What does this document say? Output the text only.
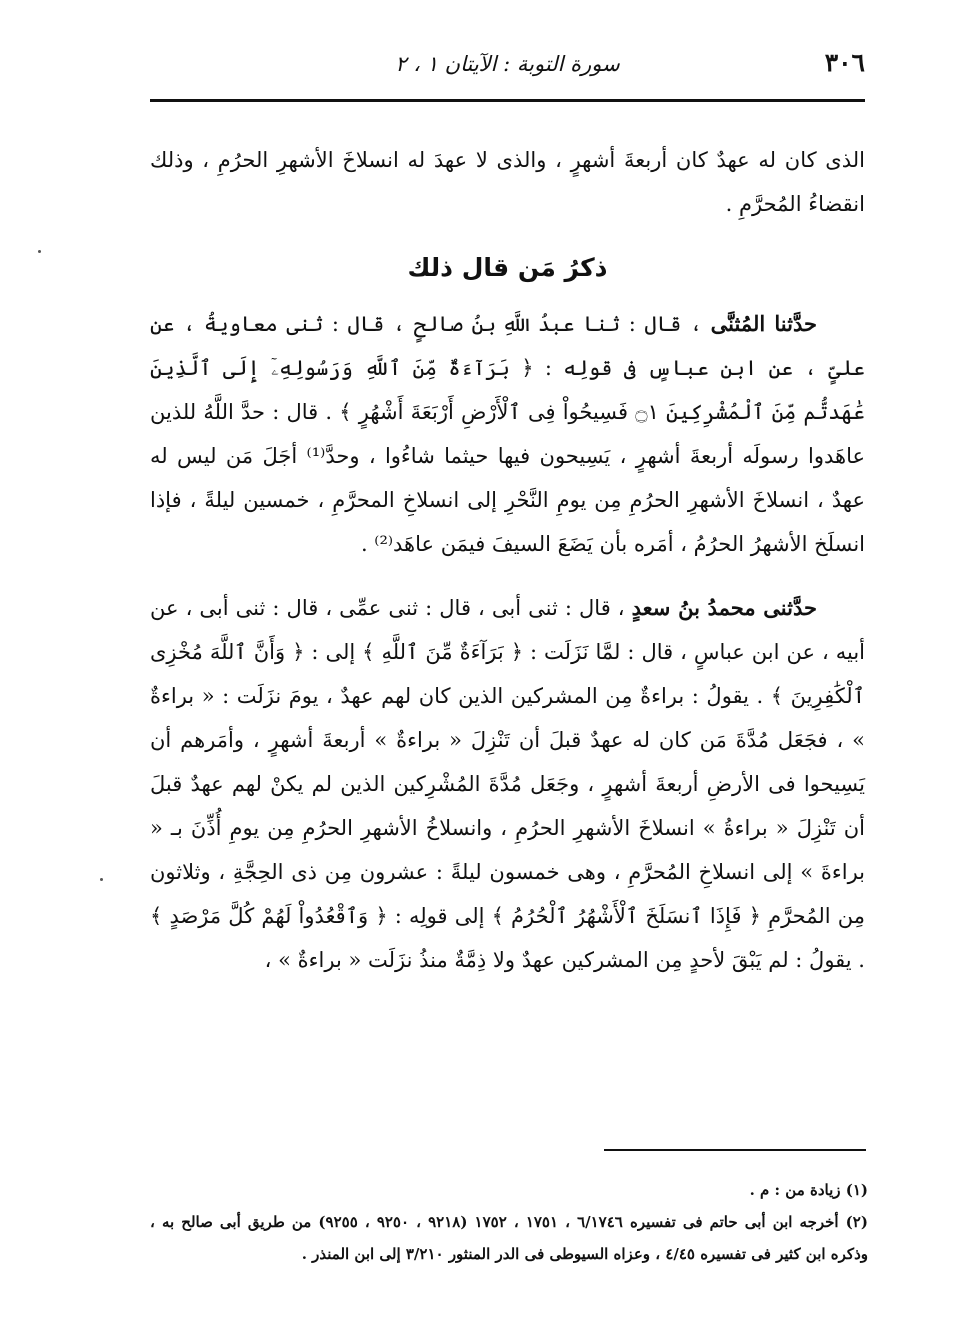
٣٠٦
سورة التوبة : الآيتان ١ ، ٢

الذى كان له عهدٌ كان أربعةَ أشهرٍ ، والذى لا عهدَ له انسلاخَ الأشهرِ الحرُمِ ، وذلك انقضاءُ المُحرَّمِ .

ذكرُ مَن قال ذلك

حدَّثنا المُثنَّى ، قال : ثنا عبدُ اللَّهِ بنُ صالحٍ ، قال : ثنى معاويةُ ، عن علىٍّ ، عن ابن عباسٍ فى قولِه : ﴿ بَرَآءَةٌ مِّنَ ٱللَّهِ وَرَسُولِهِۦٓ إِلَى ٱلَّذِينَ عَٰهَدتُّم مِّنَ ٱلْمُشْرِكِينَ ۝١ فَسِيحُواْ فِى ٱلْأَرْضِ أَرْبَعَةَ أَشْهُرٍ ﴾ . قال : حدَّ اللَّهُ للذين عاهَدوا رسولَه أربعةَ أشهرٍ ، يَسِيحون فيها حيثما شاءُوا ، وحدَّ⁽¹⁾ أجَلَ مَن ليس له عهدٌ ، انسلاخَ الأشهرِ الحرُمِ مِن يومِ النَّحْرِ إلى انسلاخِ المحرَّمِ ، خمسين ليلةً ، فإذا انسلَخ الأشهرُ الحرُمُ ، أمَره بأن يَضَعَ السيفَ فيمَن عاهَد⁽²⁾ .

حدَّثنى محمدُ بنُ سعدٍ ، قال : ثنى أبى ، قال : ثنى عمِّى ، قال : ثنى أبى ، عن أبيه ، عن ابن عباسٍ ، قال : لمَّا نَزَلَت : ﴿ بَرَآءَةٌ مِّنَ ٱللَّهِ ﴾ إلى : ﴿ وَأَنَّ ٱللَّهَ مُخْزِى ٱلْكَٰفِرِينَ ﴾ . يقولُ : براءةٌ مِن المشركين الذين كان لهم عهدٌ ، يومَ نزَلَت : « براءةٌ » ، فجَعَل مُدَّةَ مَن كان له عهدٌ قبلَ أن تَنْزِلَ « براءةٌ » أربعةَ أشهرٍ ، وأمَرهم أن يَسِيحوا فى الأرضِ أربعةَ أشهرٍ ، وجَعَل مُدَّةَ المُشْرِكين الذين لم يكنْ لهم عهدٌ قبلَ أن تَنْزِلَ « براءةُ » انسلاخَ الأشهرِ الحرُمِ ، وانسلاخُ الأشهرِ الحرُمِ مِن يومِ أُذِّنَ بـ « براءةَ » إلى انسلاخِ المُحرَّمِ ، وهى خمسون ليلةً : عشرون مِن ذى الحِجَّةِ ، وثلاثون مِن المُحرَّمِ ﴿ فَإِذَا ٱنسَلَخَ ٱلْأَشْهُرُ ٱلْحُرُمُ ﴾ إلى قولِه : ﴿ وَٱقْعُدُواْ لَهُمْ كُلَّ مَرْصَدٍ ﴾ . يقولُ : لم يَبْقَ لأحدٍ مِن المشركين عهدٌ ولا ذِمَّةٌ منذُ نزَلَت « براءةٌ » ،

(١) زيادة من : م .

(٢) أخرجه ابن أبى حاتم فى تفسيره ٦/١٧٤٦ ، ١٧٥١ ، ١٧٥٢ (٩٢١٨ ، ٩٢٥٠ ، ٩٢٥٥) من طريق أبى صالح به ، وذكره ابن كثير فى تفسيره ٤/٤٥ ، وعزاه السيوطى فى الدر المنثور ٣/٢١٠ إلى ابن المنذر .
